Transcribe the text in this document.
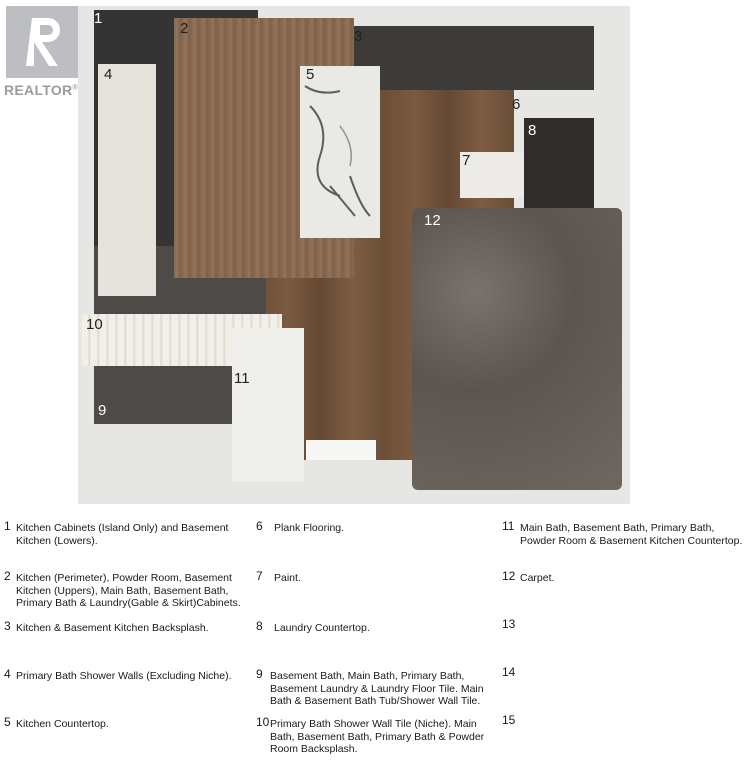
REALTOR®
1
2	3
4	5
6
7
8
9
10
11
12
1 Kitchen Cabinets (Island Only) and Basement Kitchen (Lowers).
2 Kitchen (Perimeter), Powder Room, Basement Kitchen (Uppers), Main Bath, Basement Bath, Primary Bath & Laundry(Gable & Skirt)Cabinets.
3 Kitchen & Basement Kitchen Backsplash.
4 Primary Bath Shower Walls (Excluding Niche).
5 Kitchen Countertop.
6 Plank Flooring.
7 Paint.
8 Laundry Countertop.
9 Basement Bath, Main Bath, Primary Bath, Basement Laundry & Laundry Floor Tile. Main Bath & Basement Bath Tub/Shower Wall Tile.
10 Primary Bath Shower Wall Tile (Niche). Main Bath, Basement Bath, Primary Bath & Powder Room Backsplash.
11 Main Bath, Basement Bath, Primary Bath, Powder Room & Basement Kitchen Countertop.
12 Carpet.
13
14
15
